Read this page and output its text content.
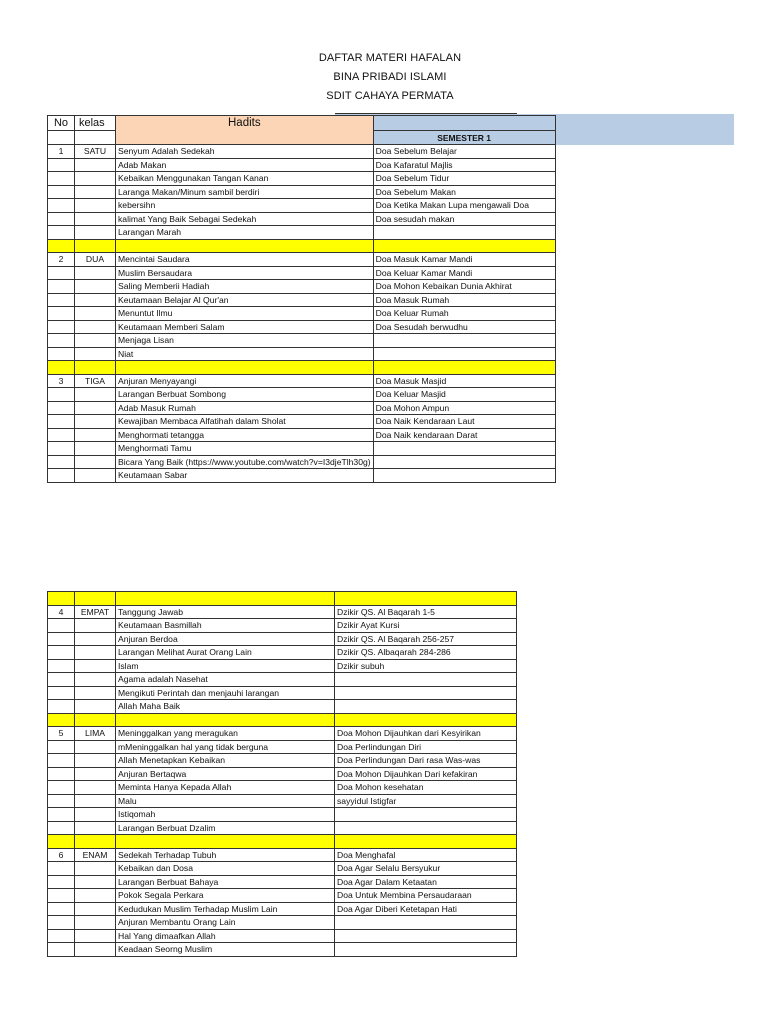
DAFTAR MATERI HAFALAN
BINA PRIBADI ISLAMI
SDIT CAHAYA PERMATA
No	kelas	Hadits	
			SEMESTER 1
1	SATU	Senyum Adalah Sedekah	Doa Sebelum Belajar
		Adab Makan	Doa Kafaratul Majlis
		Kebaikan Menggunakan Tangan Kanan	Doa Sebelum Tidur
		Laranga Makan/Minum sambil berdiri	Doa Sebelum Makan
		kebersihn	Doa Ketika Makan Lupa mengawali Doa
		kalimat Yang Baik Sebagai Sedekah	Doa sesudah makan
		Larangan Marah	

2	DUA	Mencintai Saudara	Doa Masuk Kamar Mandi
		Muslim Bersaudara	Doa Keluar Kamar Mandi
		Saling Memberii Hadiah	Doa Mohon Kebaikan Dunia Akhirat
		Keutamaan Belajar Al Qur'an	Doa Masuk Rumah
		Menuntut Ilmu	Doa Keluar Rumah
		Keutamaan Memberi Salam	Doa Sesudah berwudhu
		Menjaga Lisan	
		Niat	

3	TIGA	Anjuran Menyayangi	Doa Masuk Masjid
		Larangan Berbuat Sombong	Doa Keluar Masjid
		Adab Masuk Rumah	Doa Mohon Ampun
		Kewajiban Membaca Alfatihah dalam Sholat	Doa Naik Kendaraan Laut
		Menghormati tetangga	Doa Naik kendaraan Darat
		Menghormati Tamu	
		Bicara Yang Baik (https://www.youtube.com/watch?v=I3djeTlh30g)	
		Keutamaan Sabar	

4	EMPAT	Tanggung Jawab	Dzikir QS. Al Baqarah 1-5
		Keutamaan Basmillah	Dzikir Ayat Kursi
		Anjuran Berdoa	Dzikir QS. Al Baqarah 256-257
		Larangan Melihat Aurat Orang Lain	Dzikir QS. Albaqarah 284-286
		Islam	Dzikir subuh
		Agama adalah Nasehat	
		Mengikuti Perintah dan menjauhi larangan	
		Allah Maha Baik	

5	LIMA	Meninggalkan yang meragukan	Doa Mohon Dijauhkan dari Kesyirikan
		mMeninggalkan hal yang tidak berguna	Doa Perlindungan Diri
		Allah Menetapkan Kebaikan	Doa Perlindungan Dari rasa Was-was
		Anjuran Bertaqwa	Doa Mohon Dijauhkan Dari kefakiran
		Meminta Hanya Kepada Allah	Doa Mohon kesehatan
		Malu	sayyidul Istigfar
		Istiqomah	
		Larangan Berbuat Dzalim	

6	ENAM	Sedekah Terhadap Tubuh	Doa Menghafal
		Kebaikan dan Dosa	Doa Agar Selalu Bersyukur
		Larangan Berbuat Bahaya	Doa Agar Dalam Ketaatan
		Pokok Segala Perkara	Doa Untuk Membina Persaudaraan
		Kedudukan Muslim Terhadap Muslim Lain	Doa Agar Diberi Ketetapan Hati
		Anjuran Membantu Orang Lain	
		Hal Yang dimaafkan Allah	
		Keadaan Seorng Muslim	
